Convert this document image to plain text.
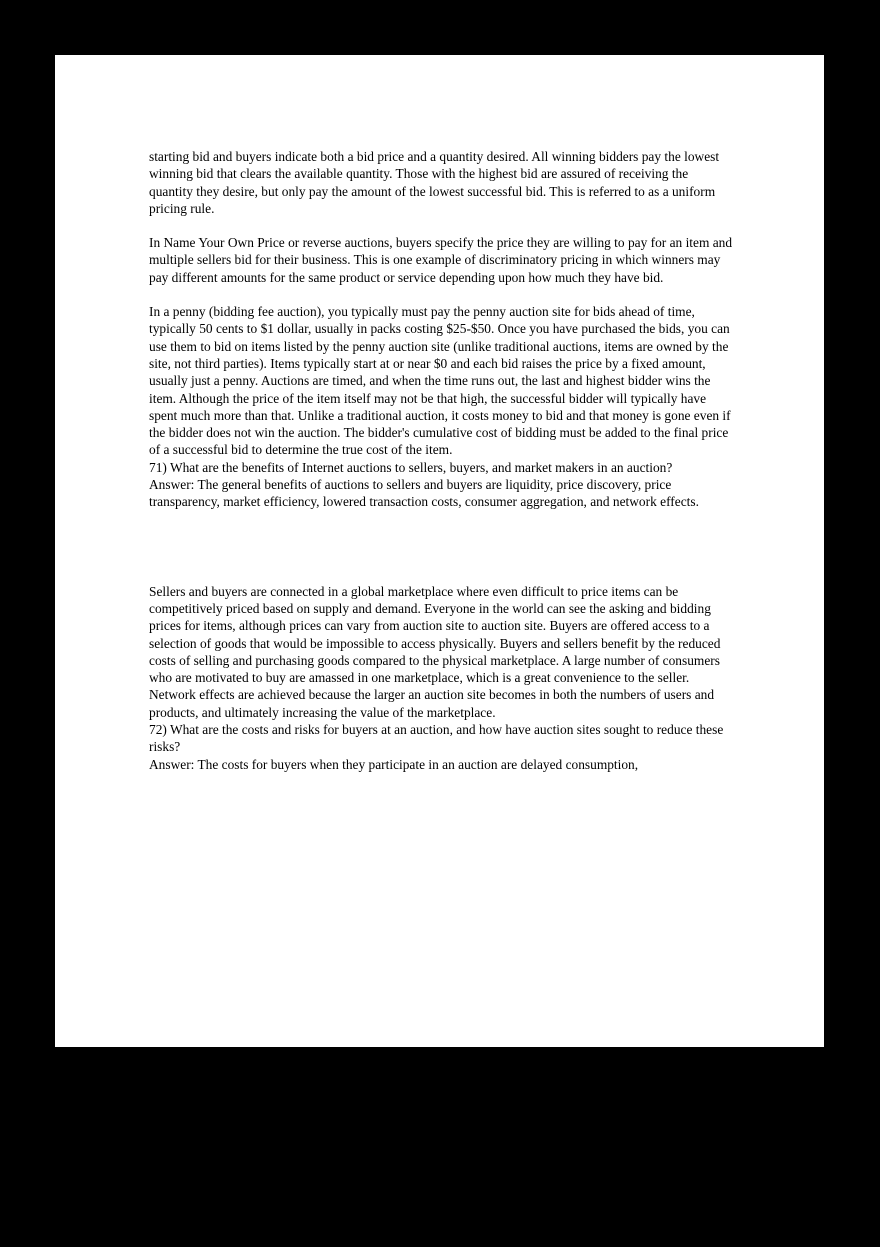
starting bid and buyers indicate both a bid price and a quantity desired. All winning bidders pay the lowest winning bid that clears the available quantity. Those with the highest bid are assured of receiving the quantity they desire, but only pay the amount of the lowest successful bid. This is referred to as a uniform pricing rule.

In Name Your Own Price or reverse auctions, buyers specify the price they are willing to pay for an item and multiple sellers bid for their business. This is one example of discriminatory pricing in which winners may pay different amounts for the same product or service depending upon how much they have bid.

In a penny (bidding fee auction), you typically must pay the penny auction site for bids ahead of time, typically 50 cents to $1 dollar, usually in packs costing $25-$50. Once you have purchased the bids, you can use them to bid on items listed by the penny auction site (unlike traditional auctions, items are owned by the site, not third parties). Items typically start at or near $0 and each bid raises the price by a fixed amount, usually just a penny. Auctions are timed, and when the time runs out, the last and highest bidder wins the item. Although the price of the item itself may not be that high, the successful bidder will typically have spent much more than that. Unlike a traditional auction, it costs money to bid and that money is gone even if the bidder does not win the auction. The bidder's cumulative cost of bidding must be added to the final price of a successful bid to determine the true cost of the item.

71) What are the benefits of Internet auctions to sellers, buyers, and market makers in an auction?

Answer: The general benefits of auctions to sellers and buyers are liquidity, price discovery, price transparency, market efficiency, lowered transaction costs, consumer aggregation, and network effects.

Sellers and buyers are connected in a global marketplace where even difficult to price items can be competitively priced based on supply and demand. Everyone in the world can see the asking and bidding prices for items, although prices can vary from auction site to auction site. Buyers are offered access to a selection of goods that would be impossible to access physically. Buyers and sellers benefit by the reduced costs of selling and purchasing goods compared to the physical marketplace. A large number of consumers who are motivated to buy are amassed in one marketplace, which is a great convenience to the seller. Network effects are achieved because the larger an auction site becomes in both the numbers of users and products, and ultimately increasing the value of the marketplace.

72) What are the costs and risks for buyers at an auction, and how have auction sites sought to reduce these risks?

Answer: The costs for buyers when they participate in an auction are delayed consumption,
